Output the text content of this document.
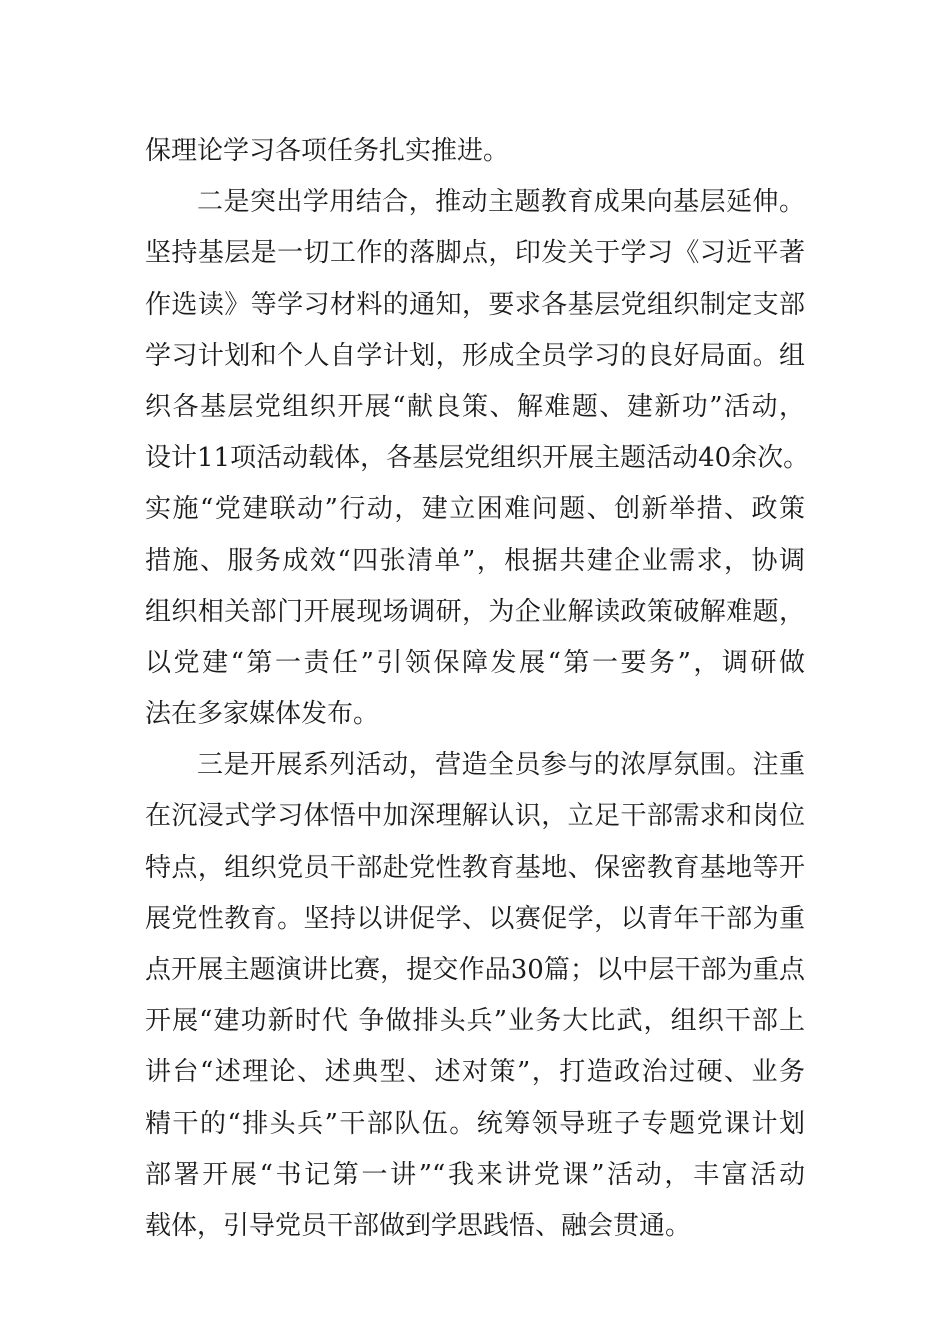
保理论学习各项任务扎实推进。
二是突出学用结合，推动主题教育成果向基层延伸。
坚持基层是一切工作的落脚点，印发关于学习《习近平著
作选读》等学习材料的通知，要求各基层党组织制定支部
学习计划和个人自学计划，形成全员学习的良好局面。组
织各基层党组织开展“献良策、解难题、建新功”活动，
设计11项活动载体，各基层党组织开展主题活动40余次。
实施“党建联动”行动，建立困难问题、创新举措、政策
措施、服务成效“四张清单”，根据共建企业需求，协调
组织相关部门开展现场调研，为企业解读政策破解难题，
以党建“第一责任”引领保障发展“第一要务”，调研做
法在多家媒体发布。
三是开展系列活动，营造全员参与的浓厚氛围。注重
在沉浸式学习体悟中加深理解认识，立足干部需求和岗位
特点，组织党员干部赴党性教育基地、保密教育基地等开
展党性教育。坚持以讲促学、以赛促学，以青年干部为重
点开展主题演讲比赛，提交作品30篇；以中层干部为重点
开展“建功新时代 争做排头兵”业务大比武，组织干部上
讲台“述理论、述典型、述对策”，打造政治过硬、业务
精干的“排头兵”干部队伍。统筹领导班子专题党课计划
部署开展“书记第一讲”“我来讲党课”活动，丰富活动
载体，引导党员干部做到学思践悟、融会贯通。
